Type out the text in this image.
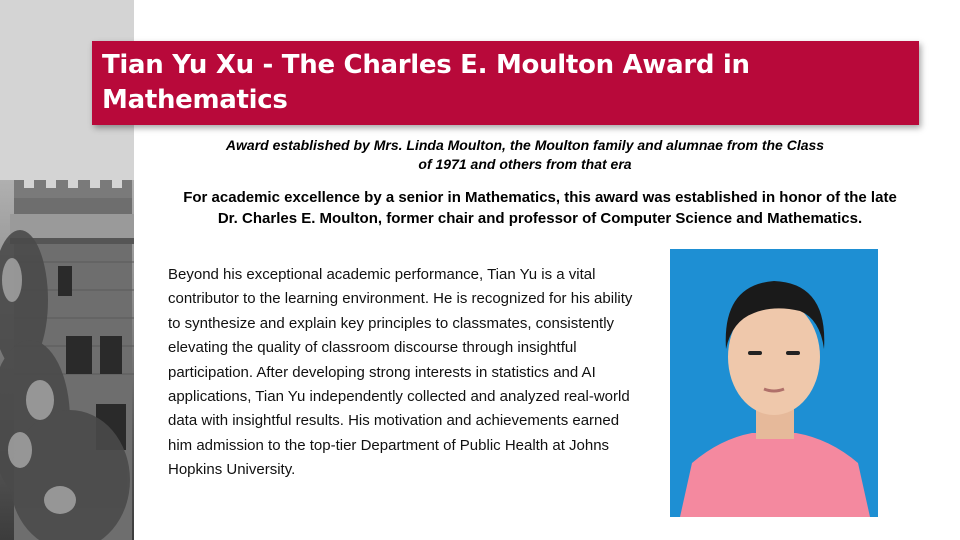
Tian Yu Xu - The Charles E. Moulton Award in Mathematics
Award established by Mrs. Linda Moulton, the Moulton family and alumnae from the Class of 1971 and others from that era
For academic excellence by a senior in Mathematics, this award was established in honor of the late Dr. Charles E. Moulton, former chair and professor of Computer Science and Mathematics.
Beyond his exceptional academic performance, Tian Yu is a vital contributor to the learning environment. He is recognized for his ability to synthesize and explain key principles to classmates, consistently elevating the quality of classroom discourse through insightful participation. After developing strong interests in statistics and AI applications, Tian Yu independently collected and analyzed real-world data with insightful results. His motivation and achievements earned him admission to the top-tier Department of Public Health at Johns Hopkins University.
